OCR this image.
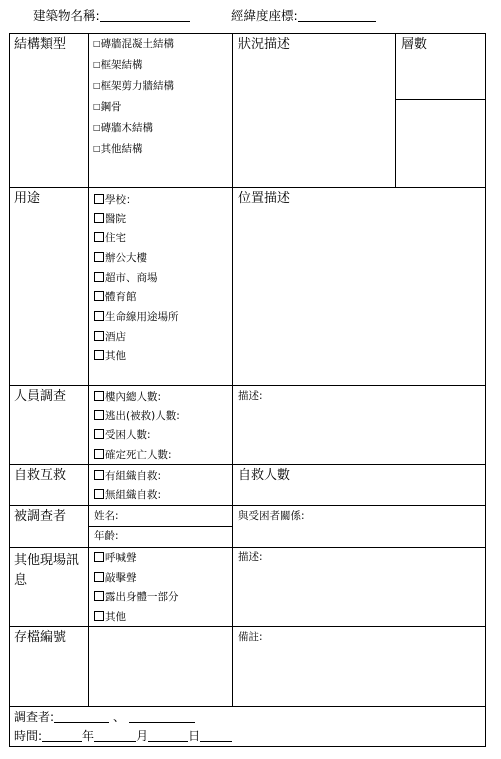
建築物名稱:	經緯度座標:
結構類型
□	磚牆混凝土結構
□ 框架結構
□ 框架剪力牆結構
□ 鋼骨
□ 磚牆木結構
□ 其他結構
狀況描述	層數
用途	學校：
醫院
住宅
辦公大樓
超市、商場
體育館
生命線用途場所
酒店
其他
位置描述
人員調查	樓內總人數:
逃出(被救)人數:
受困人數:
確定死亡人數:
描述:
自救互救	有組織自救:
無組織自救:
自救人數
被調查者	姓名:
年齡:
與受困者關係:
其他現場訊息
呼喊聲
敲擊聲
露出身體一部分
其他
描述:
存檔編號	備註:
調查者:	、
時間:	年	月	日
